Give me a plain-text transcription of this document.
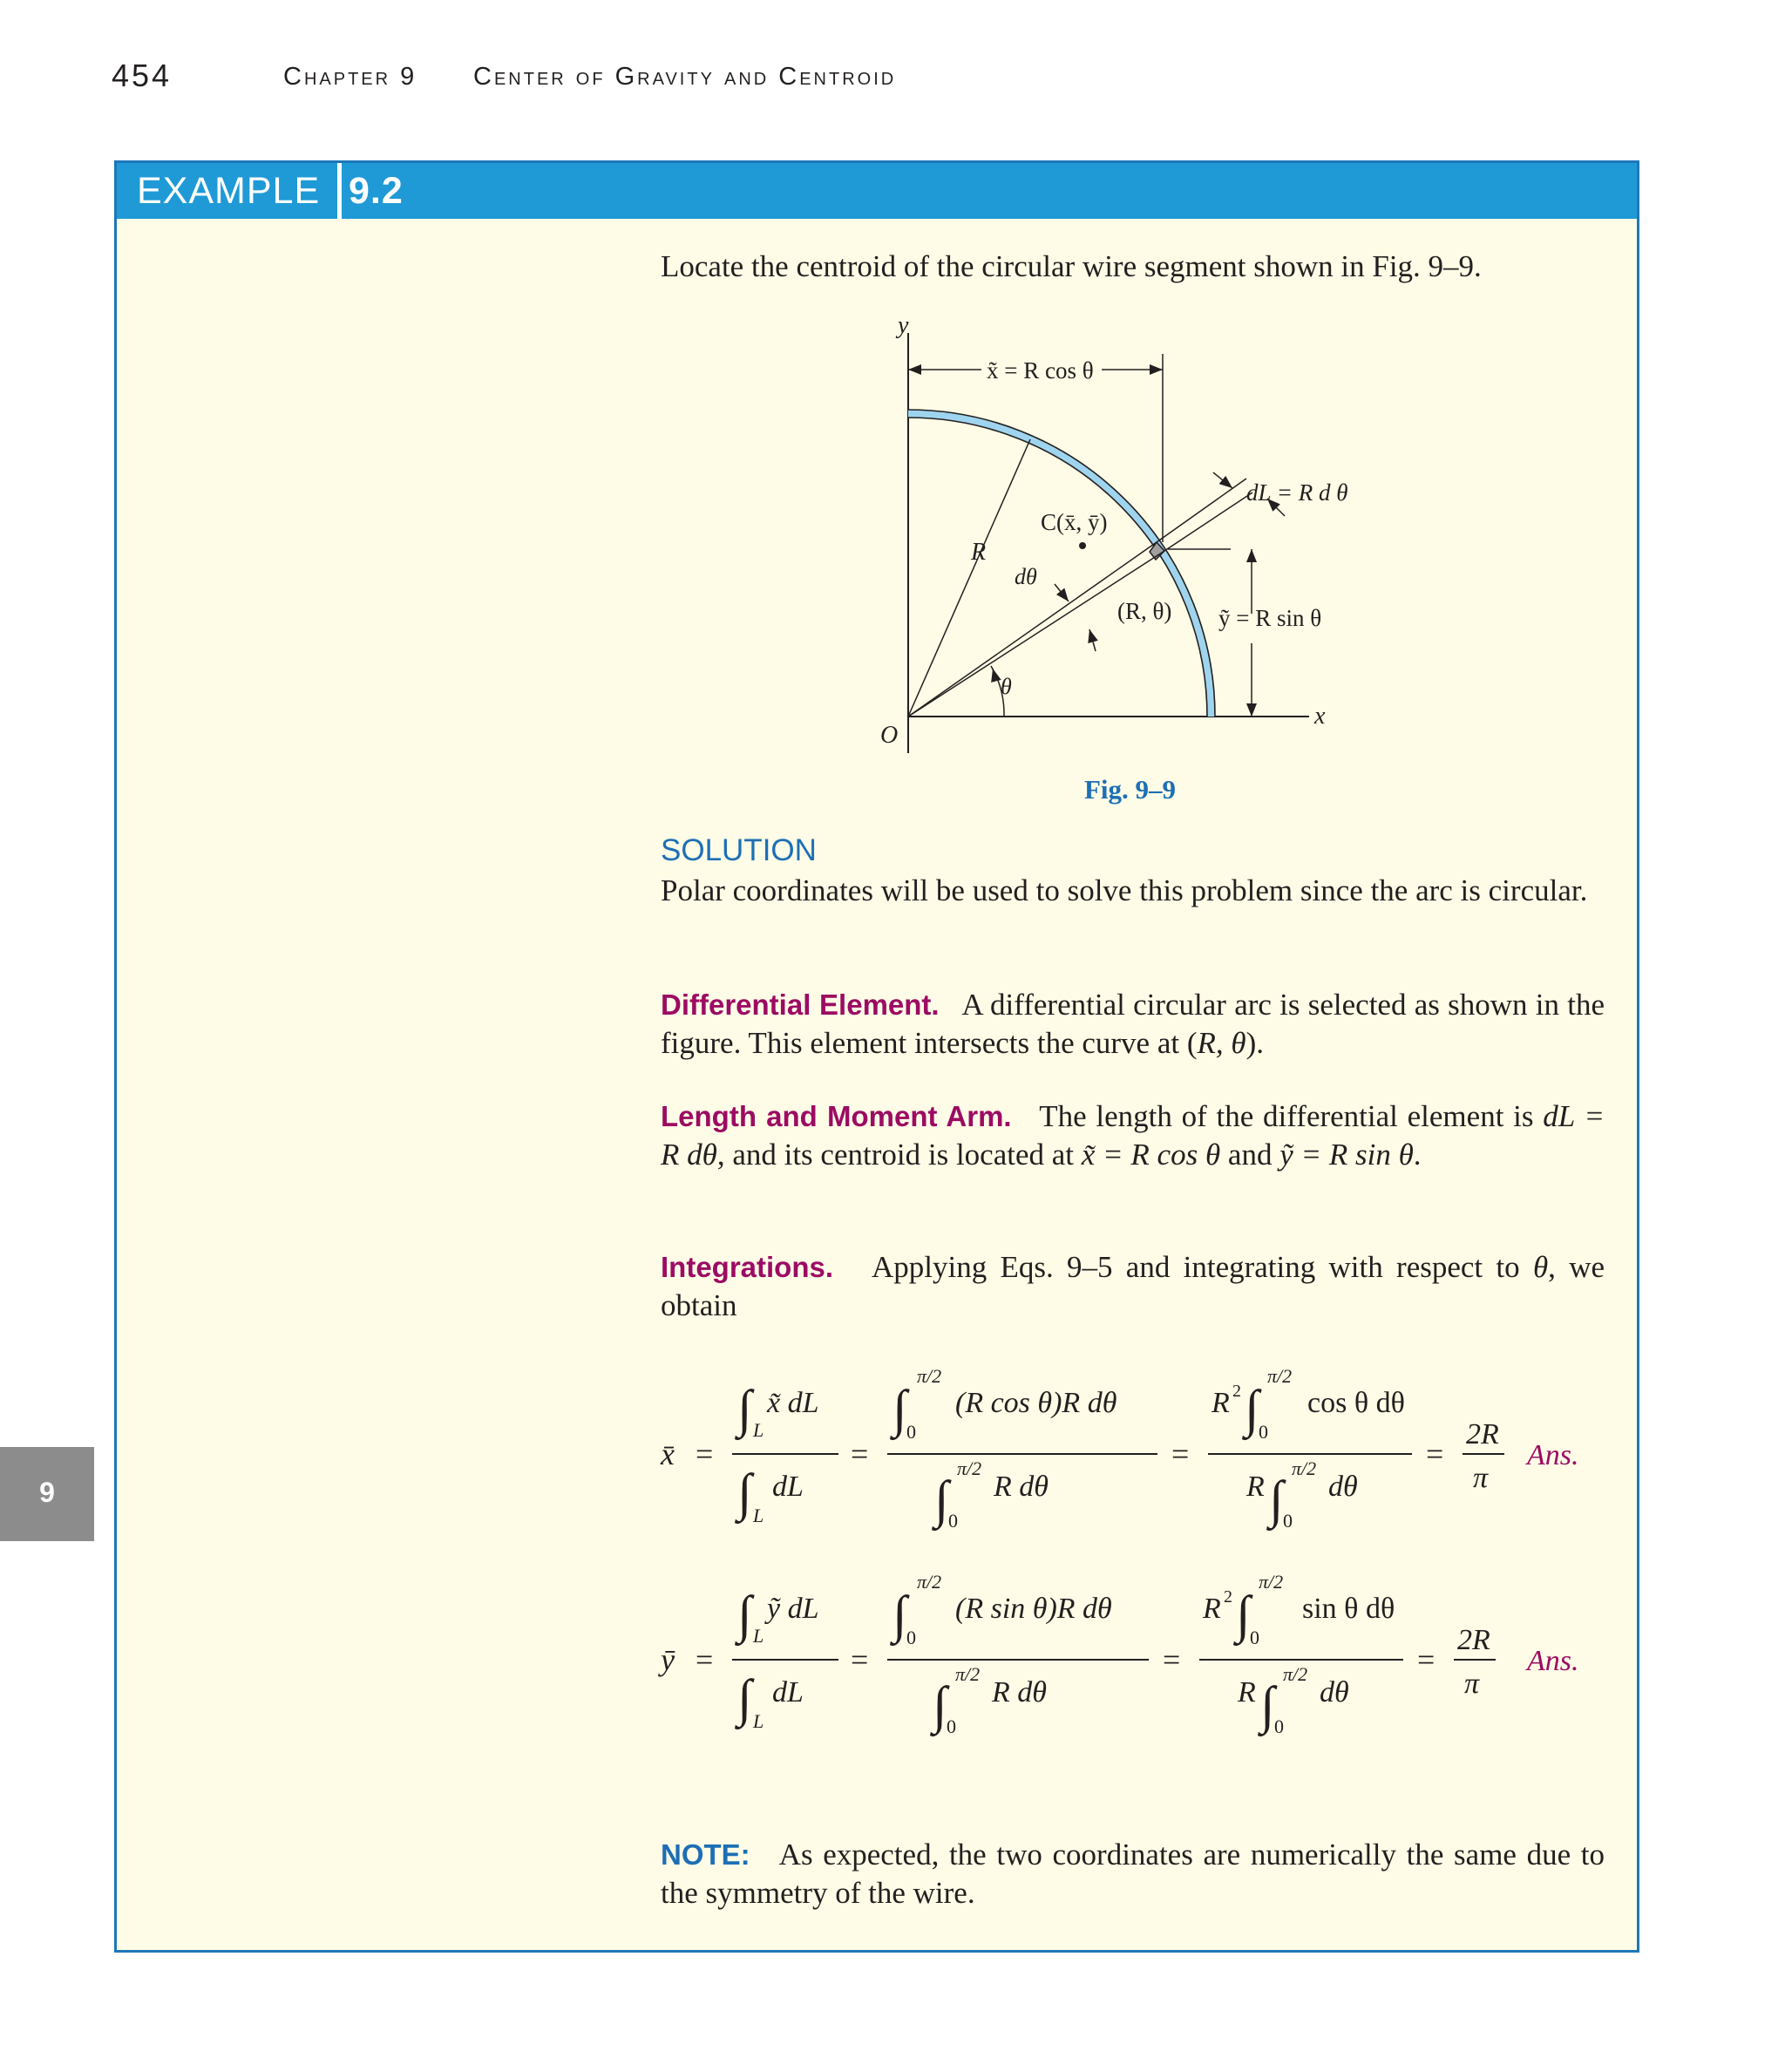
454	Chapter 9 Center of Gravity and Centroid
9
EXAMPLE 9.2
Locate the centroid of the circular wire segment shown in Fig. 9–9.
y
x
O
x̃ = R cos θ
dL = R d θ
C(x̄, ȳ)
R
dθ
(R, θ) ỹ = R sin θ
θ
Fig. 9–9
SOLUTION
Polar coordinates will be used to solve this problem since the arc is circular.
Differential Element. A differential circular arc is selected as shown in the figure. This element intersects the curve at (R, θ).
Length and Moment Arm. The length of the differential element is dL = R dθ, and its centroid is located at x̃ = R cos θ and ỹ = R sin θ.
Integrations. Applying Eqs. 9–5 and integrating with respect to θ, we obtain
x̄ =
∫ L
x̃ dL
∫ L
dL
=
∫
π/2
0
(R cos θ)R dθ
∫
π/2
0
R dθ
=
R 2 ∫
π/2
0
cos θ dθ
R ∫
π/2
0
dθ
=
2R
π
Ans.
ȳ =
∫ L
ỹ dL
∫ L
dL
=
∫
π/2
0
(R sin θ)R dθ
∫
π/2
0
R dθ
=
R 2 ∫
π/2
0
sin θ dθ
R ∫
π/2
0
dθ
=
2R
π
Ans.
NOTE: As expected, the two coordinates are numerically the same due to the symmetry of the wire.
